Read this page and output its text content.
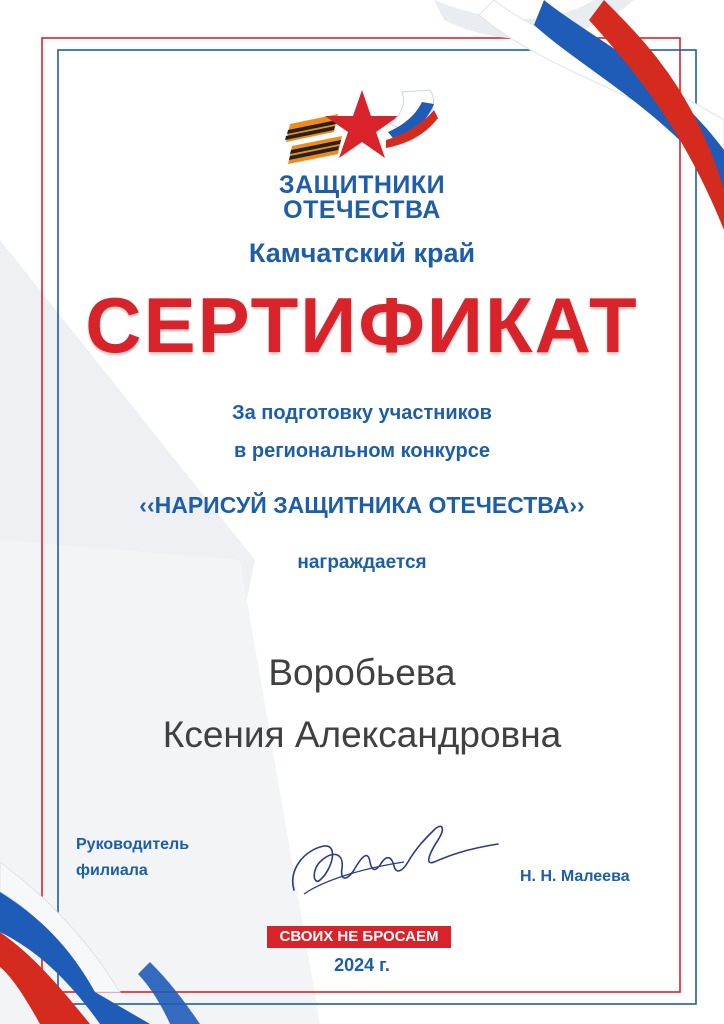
ЗАЩИТНИКИ
ОТЕЧЕСТВА
Камчатский край
СЕРТИФИКАТ
За подготовку участников
в региональном конкурсе
‹‹НАРИСУЙ ЗАЩИТНИКА ОТЕЧЕСТВА››
награждается
Воробьева
Ксения Александровна
Руководитель
филиала	Н. Н. Малеева
СВОИХ НЕ БРОСАЕМ
2024 г.
